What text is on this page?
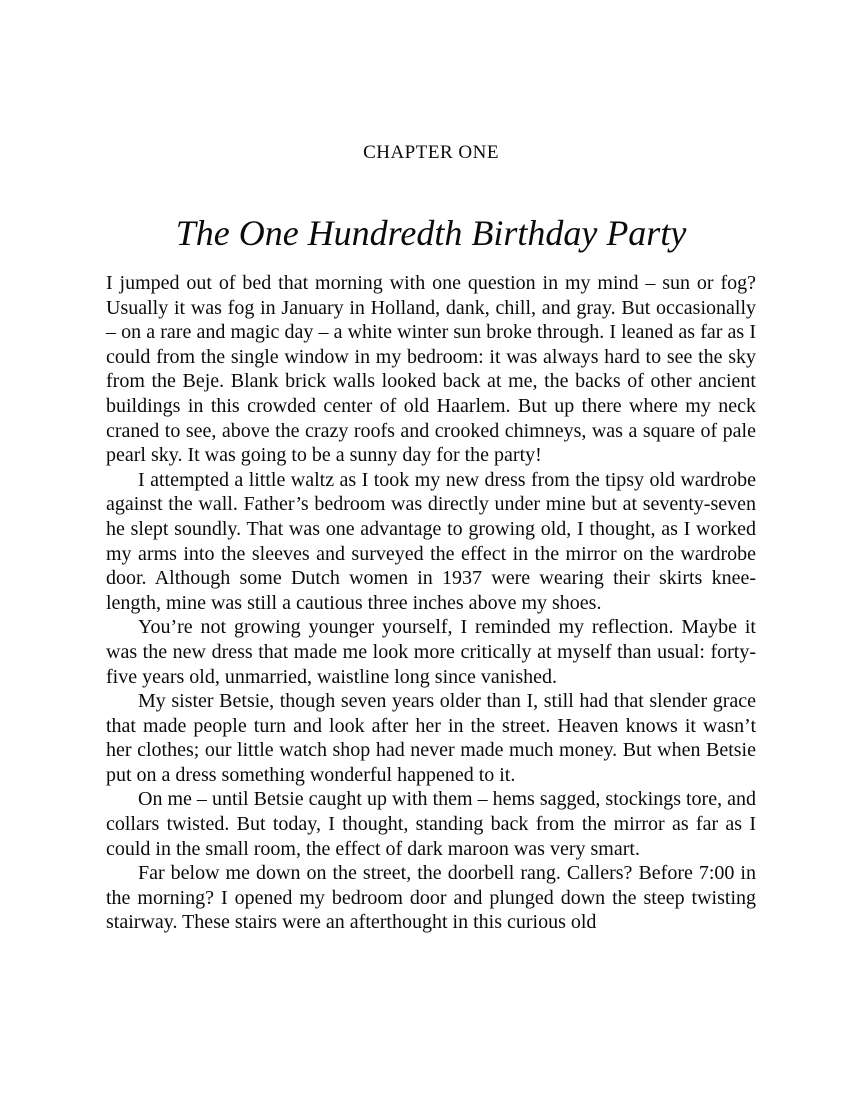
CHAPTER ONE
The One Hundredth Birthday Party

I jumped out of bed that morning with one question in my mind – sun or fog? Usually it was fog in January in Holland, dank, chill, and gray. But occasionally – on a rare and magic day – a white winter sun broke through. I leaned as far as I could from the single window in my bedroom: it was always hard to see the sky from the Beje. Blank brick walls looked back at me, the backs of other ancient buildings in this crowded center of old Haarlem. But up there where my neck craned to see, above the crazy roofs and crooked chimneys, was a square of pale pearl sky. It was going to be a sunny day for the party!

I attempted a little waltz as I took my new dress from the tipsy old wardrobe against the wall. Father’s bedroom was directly under mine but at seventy-seven he slept soundly. That was one advantage to growing old, I thought, as I worked my arms into the sleeves and surveyed the effect in the mirror on the wardrobe door. Although some Dutch women in 1937 were wearing their skirts knee-length, mine was still a cautious three inches above my shoes.

You’re not growing younger yourself, I reminded my reflection. Maybe it was the new dress that made me look more critically at myself than usual: forty-five years old, unmarried, waistline long since vanished.

My sister Betsie, though seven years older than I, still had that slender grace that made people turn and look after her in the street. Heaven knows it wasn’t her clothes; our little watch shop had never made much money. But when Betsie put on a dress something wonderful happened to it.

On me – until Betsie caught up with them – hems sagged, stockings tore, and collars twisted. But today, I thought, standing back from the mirror as far as I could in the small room, the effect of dark maroon was very smart.

Far below me down on the street, the doorbell rang. Callers? Before 7:00 in the morning? I opened my bedroom door and plunged down the steep twisting stairway. These stairs were an afterthought in this curious old
